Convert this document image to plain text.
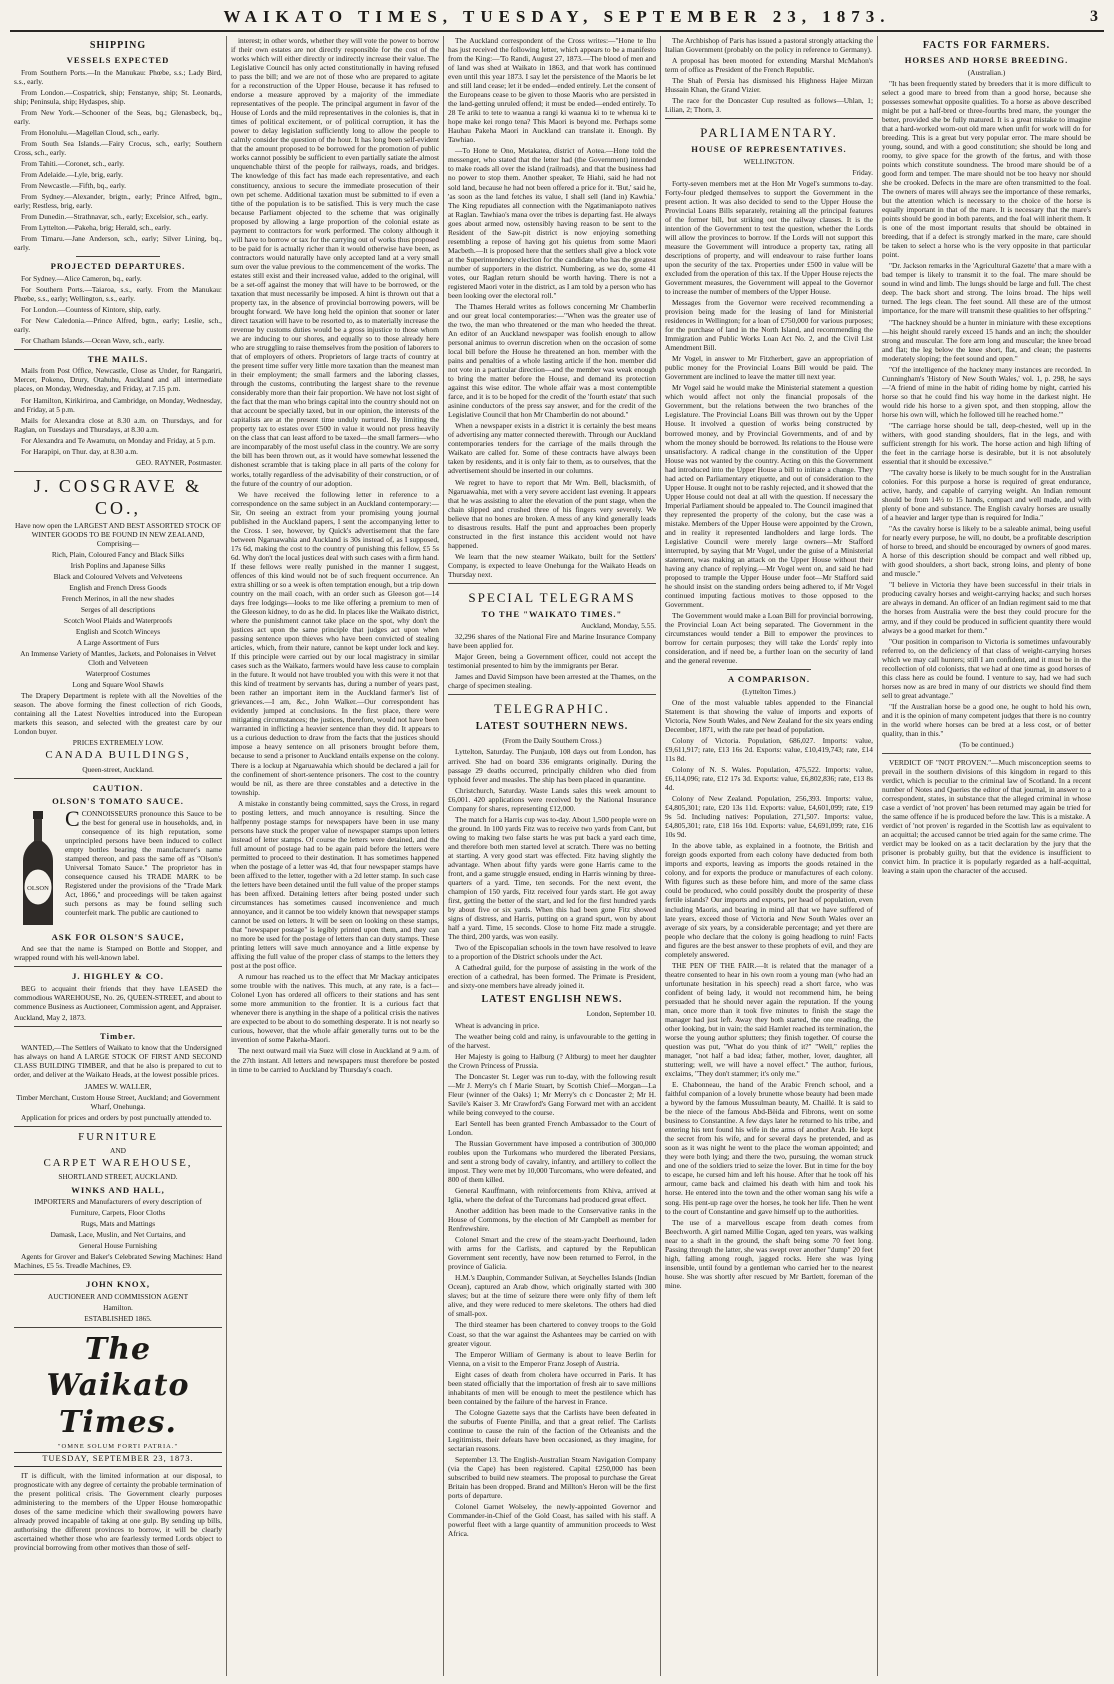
WAIKATO TIMES, TUESDAY, SEPTEMBER 23, 1873.	3
SHIPPING
VESSELS EXPECTED

From Southern Ports.—In the Manukau: Phœbe, s.s.; Lady Bird, s.s., early.

From London.—Cospatrick, ship; Fenstanye, ship; St. Leonards, ship; Peninsula, ship; Hydaspes, ship.

From New York.—Schooner of the Seas, bq.; Glenasbeck, bq., early.

From Honolulu.—Magellan Cloud, sch., early.

From South Sea Islands.—Fairy Crocus, sch., early; Southern Cross, sch., early.

From Tahiti.—Coronet, sch., early.

From Adelaide.—Lyle, brig, early.

From Newcastle.—Fifth, bq., early.

From Sydney.—Alexander, brigtn., early; Prince Alfred, bgtn., early; Restless, brig, early.

From Dunedin.—Strathnavar, sch., early; Excelsior, sch., early.

From Lyttelton.—Pakeha, brig; Herald, sch., early.

From Timaru.—Jane Anderson, sch., early; Silver Lining, bq., early.

PROJECTED DEPARTURES.

For Sydney.—Alice Cameron, bq., early.

For Southern Ports.—Taiaroa, s.s., early. From the Manukau: Phœbe, s.s., early; Wellington, s.s., early.

For London.—Countess of Kintore, ship, early.

For New Caledonia.—Prince Alfred, bgtn., early; Leslie, sch., early.

For Chatham Islands.—Ocean Wave, sch., early.

THE MAILS.

Mails from Post Office, Newcastle, Close as Under, for Rangariri, Mercer, Pokeno, Drury, Otahuhu, Auckland and all intermediate places, on Monday, Wednesday, and Friday, at 7.15 p.m.

For Hamilton, Kirikiriroa, and Cambridge, on Monday, Wednesday, and Friday, at 5 p.m.

Mails for Alexandra close at 8.30 a.m. on Thursdays, and for Raglan, on Tuesdays and Thursdays, at 8.30 a.m.

For Alexandra and Te Awamutu, on Monday and Friday, at 5 p.m.

For Harapipi, on Thur. day, at 8.30 a.m.

GEO. RAYNER, Postmaster.

J. COSGRAVE & CO.,

Have now open the LARGEST AND BEST ASSORTED STOCK OF WINTER GOODS TO BE FOUND IN NEW ZEALAND, Comprising—

Rich, Plain, Coloured Fancy and Black Silks

Irish Poplins and Japanese Silks

Black and Coloured Velvets and Velveteens

English and French Dress Goods

French Merinos, in all the new shades

Serges of all descriptions

Scotch Wool Plaids and Waterproofs

English and Scotch Winceys

A Large Assortment of Furs

An Immense Variety of Mantles, Jackets, and Polonaises in Velvet Cloth and Velveteen

Waterproof Costumes

Long and Square Wool Shawls

The Drapery Department is replete with all the Novelties of the season. The above forming the finest collection of rich Goods, containing all the Latest Novelties introduced into the European markets this season, and selected with the greatest care by our London buyer.

PRICES EXTREMELY LOW.

CANADA BUILDINGS,

Queen-street, Auckland.

CAUTION.
OLSON'S TOMATO SAUCE.
OLSON

CCONNOISSEURS pronounce this Sauce to be the best for general use in households, and, in consequence of its high reputation, some unprincipled persons have been induced to collect empty bottles bearing the manufacturer's name stamped thereon, and pass the same off as "Olson's Universal Tomato Sauce." The proprietor has in consequence caused his TRADE MARK to be Registered under the provisions of the "Trade Mark Act, 1866," and proceedings will be taken against such persons as may be found selling such counterfeit mark. The public are cautioned to

ASK FOR OLSON'S SAUCE,

And see that the name is Stamped on Bottle and Stopper, and wrapped round with his well-known label.

J. HIGHLEY & CO.

BEG to acquaint their friends that they have LEASED the commodious WAREHOUSE, No. 26, QUEEN-STREET, and about to commence Business as Auctioneer, Commission agent, and Appraiser.

Auckland, May 2, 1873.

Timber.

WANTED,—The Settlers of Waikato to know that the Undersigned has always on hand A LARGE STOCK OF FIRST AND SECOND CLASS BUILDING TIMBER, and that he also is prepared to cut to order, and deliver at the Waikato Heads, at the lowest possible prices.

JAMES W. WALLER,

Timber Merchant, Custom House Street, Auckland; and Government Wharf, Onehunga.

Application for prices and orders by post punctually attended to.

FURNITURE

AND

CARPET WAREHOUSE,

SHORTLAND STREET, AUCKLAND.

WINKS AND HALL,

IMPORTERS and Manufacturers of every description of

Furniture, Carpets, Floor Cloths

Rugs, Mats and Mattings

Damask, Lace, Muslin, and Net Curtains, and

General House Furnishing

Agents for Grover and Baker's Celebrated Sewing Machines: Hand Machines, £5 5s. Treadle Machines, £9.

JOHN KNOX,

AUCTIONEER AND COMMISSION AGENT

Hamilton.

ESTABLISHED 1865.

The Waikato Times.
"OMNE SOLUM FORTI PATRIA."
TUESDAY, SEPTEMBER 23, 1873.

IT is difficult, with the limited information at our disposal, to prognosticate with any degree of certainty the probable termination of the present political crisis. The Government clearly purposes administering to the members of the Upper House homœopathic doses of the same medicine which their swallowing powers have already proved incapable of taking at one gulp. By sending up bills, authorising the different provinces to borrow, it will be clearly ascertained whether those who are fearlessly termed Lords object to provincial borrowing from other motives than those of self-

interest; in other words, whether they will vote the power to borrow if their own estates are not directly responsible for the cost of the works which will either directly or indirectly increase their value. The Legislative Council has only acted constitutionally in having refused to pass the bill; and we are not of those who are prepared to agitate for a reconstruction of the Upper House, because it has refused to endorse a measure approved by a majority of the immediate representatives of the people. The principal argument in favor of the House of Lords and the mild representatives in the colonies is, that in times of political excitement, or of political corruption, it has the power to delay legislation sufficiently long to allow the people to calmly consider the question of the hour. It has long been self-evident that the amount proposed to be borrowed for the promotion of public works cannot possibly be sufficient to even partially satiate the almost unquenchable thirst of the people for railways, roads, and bridges. The knowledge of this fact has made each representative, and each constituency, anxious to secure the immediate prosecution of their own pet scheme. Additional taxation must be submitted to if even a tithe of the population is to be satisfied. This is very much the case because Parliament objected to the scheme that was originally proposed by allowing a large proportion of the colonial estate as payment to contractors for work performed. The colony although it will have to borrow or tax for the carrying out of works thus proposed to be paid for is actually richer than it would otherwise have been, as contractors would naturally have only accepted land at a very small sum over the value previous to the commencement of the works. The estates still exist and their increased value, added to the original, will be a set-off against the money that will have to be borrowed, or the taxation that must necessarily be imposed. A hint is thrown out that a property tax, in the absence of provincial borrowing powers, will be brought forward. We have long held the opinion that sooner or later direct taxation will have to be resorted to, as to materially increase the revenue by customs duties would be a gross injustice to those whom we are inducing to our shores, and equally so to those already here who are struggling to raise themselves from the position of laborers to that of employers of others. Proprietors of large tracts of country at the present time suffer very little more taxation than the meanest man in their employment; the small farmers and the laboring classes, through the customs, contributing the largest share to the revenue considerably more than their fair proportion. We have not lost sight of the fact that the man who brings capital into the country should not on that account be specially taxed, but in our opinion, the interests of the capitalists are at the present time unduly nurtured. By limiting the property tax to estates over £500 in value it would not press heavily on the class that can least afford to be taxed—the small farmers—who are incomparably of the most useful class in the country. We are sorry the bill has been thrown out, as it would have somewhat lessened the dishonest scramble that is taking place in all parts of the colony for works, totally regardless of the advisability of their construction, or of the future of the country of our adoption.

We have received the following letter in reference to a correspondence on the same subject in an Auckland contemporary:—Sir, On seeing an extract from your promising young journal published in the Auckland papers, I sent the accompanying letter to the Cross. I see, however, by Quick's advertisement that the fare between Ngaruawahia and Auckland is 30s instead of, as I supposed, 17s 6d, making the cost to the country of punishing this fellow, £5 5s 6d. Why don't the local justices deal with such cases with a firm hand. If these fellows were really punished in the manner I suggest, offences of this kind would not be of such frequent occurrence. An extra shilling or so a week is often temptation enough, but a trip down country on the mail coach, with an order such as Gleeson got—14 days free lodgings—looks to me like offering a premium to men of the Gleeson kidney, to do as he did. In places like the Waikato district, where the punishment cannot take place on the spot, why don't the justices act upon the same principle that judges act upon when passing sentence upon thieves who have been convicted of stealing articles, which, from their nature, cannot be kept under lock and key. If this principle were carried out by our local magistracy in similar cases such as the Waikato, farmers would have less cause to complain in the future. It would not have troubled you with this were it not that this kind of treatment by servants has, during a number of years past, been rather an important item in the Auckland farmer's list of grievances.—I am, &c., John Walker.—Our correspondent has evidently jumped at conclusions. In the first place, there were mitigating circumstances; the justices, therefore, would not have been warranted in inflicting a heavier sentence than they did. It appears to us a curious deduction to draw from the facts that the justices should impose a heavy sentence on all prisoners brought before them, because to send a prisoner to Auckland entails expense on the colony. There is a lockup at Ngaruawahia which should be declared a jail for the confinement of short-sentence prisoners. The cost to the country would be nil, as there are three constables and a detective in the township.

A mistake in constantly being committed, says the Cross, in regard to posting letters, and much annoyance is resulting. Since the halfpenny postage stamps for newspapers have been in use many persons have stuck the proper value of newspaper stamps upon letters instead of letter stamps. Of course the letters were detained, and the full amount of postage had to be again paid before the letters were permitted to proceed to their destination. It has sometimes happened when the postage of a letter was 4d, that four newspaper stamps have been affixed to the letter, together with a 2d letter stamp. In such case the letters have been detained until the full value of the proper stamps has been affixed. Detaining letters after being posted under such circumstances has sometimes caused inconvenience and much annoyance, and it cannot be too widely known that newspaper stamps cannot be used on letters. It will be seen on looking on these stamps, that "newspaper postage" is legibly printed upon them, and they can no more be used for the postage of letters than can duty stamps. These printing letters will save much annoyance and a little expense by affixing the full value of the proper class of stamps to the letters they post at the post office.

A rumour has reached us to the effect that Mr Mackay anticipates some trouble with the natives. This much, at any rate, is a fact—Colonel Lyon has ordered all officers to their stations and has sent some more ammunition to the frontier. It is a curious fact that whenever there is anything in the shape of a political crisis the natives are expected to be about to do something desperate. It is not nearly so curious, however, that the whole affair generally turns out to be the invention of some Pakeha-Maori.

The next outward mail via Suez will close in Auckland at 9 a.m. of the 27th instant. All letters and newspapers must therefore be posted in time to be carried to Auckland by Thursday's coach.

The Auckland correspondent of the Cross writes:—"Hone te Ihu has just received the following letter, which appears to be a manifesto from the King:—'To Randi, August 27, 1873.—The blood of men and of land was shed at Waikato in 1863, and that work has continued even until this year 1873. I say let the persistence of the Maoris be let and still land cease; let it be ended—ended entirely. Let the consent of the Europeans cease to be given to those Maoris who are persisted in the land-getting unruled offend; it must be ended—ended entirely. To 28 Te ariki to tete to waanua a rangi ki waanua ki to te whenua ki te hope make kei rongo tena? This Maori is beyond me. Perhaps some Hauhau Pakeha Maori in Auckland can translate it. Enough. By Tawhiao.

—To Hone te Ono, Metakatea, district of Aotea.—Hone told the messenger, who stated that the letter had (the Government) intended to make roads all over the island (railroads), and that the business had no power to stop them. Another speaker, Te Hiahi, said he had not sold land, because he had not been offered a price for it. 'But,' said he, 'as soon as the land fetches its value, I shall sell (land in) Kawhia.' The King repudiates all connection with the Ngatimaniapoto natives at Raglan. Tawhiao's mana over the tribes is departing fast. He always goes about armed now, ostensibly having reason to be sent to the Resident of the Saw-pit district is now enjoying something resembling a repose of having got his quietus from some Maori Macbeth.—It is proposed here that the settlers shall give a block vote at the Superintendency election for the candidate who has the greatest number of supporters in the district. Numbering, as we do, some 41 votes, our Raglan return should be worth having. There is not a registered Maori voter in the district, as I am told by a person who has been looking over the electoral roll."

The Thames Herald writes as follows concerning Mr Chamberlin and our great local contemporaries:—"When was the greater use of the two, the man who threatened or the man who heeded the threat. An editor of an Auckland newspaper was foolish enough to allow personal animus to overrun discretion when on the occasion of some local bill before the House he threatened an hon. member with the pains and penalties of a whole lasting article if the hon. member did not vote in a particular direction—and the member was weak enough to bring the matter before the House, and demand its protection against this wise editor. The whole affair was a most contemptible farce, and it is to be hoped for the credit of the 'fourth estate' that such asinine conductors of the press say answer, and for the credit of the Legislative Council that hon Mr Chamberlin do not abound."

When a newspaper exists in a district it is certainly the best means of advertising any matter connected therewith. Through our Auckland contemporaries tenders for the carriage of the mails through the Waikato are called for. Some of these contracts have always been taken by residents, and it is only fair to them, as to ourselves, that the advertisement should be inserted in our columns.

We regret to have to report that Mr Wm. Bell, blacksmith, of Ngaruawahia, met with a very severe accident last evening. It appears that he was assisting to alter the elevation of the punt stage, when the chain slipped and crushed three of his fingers very severely. We believe that no bones are broken. A mess of any kind generally leads to disastrous results. Half the punt and approaches been properly constructed in the first instance this accident would not have happened.

We learn that the new steamer Waikato, built for the Settlers' Company, is expected to leave Onehunga for the Waikato Heads on Thursday next.

SPECIAL TELEGRAMS
TO THE "WAIKATO TIMES."

Auckland, Monday, 5.55.

32,296 shares of the National Fire and Marine Insurance Company have been applied for.

Major Green, being a Government officer, could not accept the testimonial presented to him by the immigrants per Berar.

James and David Simpson have been arrested at the Thames, on the charge of specimen stealing.

TELEGRAPHIC.
LATEST SOUTHERN NEWS.

(From the Daily Southern Cross.)

Lyttelton, Saturday. The Punjaub, 108 days out from London, has arrived. She had on board 336 emigrants originally. During the passage 29 deaths occurred, principally children who died from typhoid fever and measles. The ship has been placed in quarantine.

Christchurch, Saturday. Waste Lands sales this week amount to £6,001. 420 applications were received by the National Insurance Company for shares, representing £12,000.

The match for a Harris cup was to-day. About 1,500 people were on the ground. In 100 yards Fitz was to receive two yards from Cant, but owing to making two false starts he was put back a yard each time, and therefore both men started level at scratch. There was no betting at starting. A very good start was effected. Fitz having slightly the advantage. When about fifty yards were gone Harris came to the front, and a game struggle ensued, ending in Harris winning by three-quarters of a yard. Time, ten seconds. For the next event, the champion of 150 yards, Fitz received four yards start. He got away first, getting the better of the start, and led for the first hundred yards by about five or six yards. When this had been gone Fitz showed signs of distress, and Harris, putting on a grand spurt, won by about half a yard. Time, 15 seconds. Close to home Fitz made a struggle. The third, 200 yards, was won easily.

Two of the Episcopalian schools in the town have resolved to leave to a proportion of the District schools under the Act.

A Cathedral guild, for the purpose of assisting in the work of the erection of a cathedral, has been formed. The Primate is President, and sixty-one members have already joined it.

LATEST ENGLISH NEWS.

London, September 10.

Wheat is advancing in price.

The weather being cold and rainy, is unfavourable to the getting in of the harvest.

Her Majesty is going to Halburg (? Altburg) to meet her daughter the Crown Princess of Prussia.

The Doncaster St. Leger was run to-day, with the following result—Mr J. Merry's ch f Marie Stuart, by Scottish Chief—Morgan—La Fleur (winner of the Oaks) 1; Mr Merry's ch c Doncaster 2; Mr H. Savile's Kaiser 3. Mr Crawford's Gang Forward met with an accident while being conveyed to the course.

Earl Sentell has been granted French Ambassador to the Court of London.

The Russian Government have imposed a contribution of 300,000 roubles upon the Turkomans who murdered the liberated Persians, and sent a strong body of cavalry, infantry, and artillery to collect the impost. They were met by 10,000 Turcomans, who were defeated, and 800 of them killed.

General Kauffmann, with reinforcements from Khiva, arrived at Iglia, where the defeat of the Turcomans had produced great effect.

Another addition has been made to the Conservative ranks in the House of Commons, by the election of Mr Campbell as member for Renfrewshire.

Colonel Smart and the crew of the steam-yacht Deerhound, laden with arms for the Carlists, and captured by the Republican Government sent recently, have now been returned to Ferrol, in the province of Galicia.

H.M.'s Dauphin, Commander Sulivan, at Seychelles Islands (Indian Ocean), captured an Arab dhow, which originally started with 300 slaves; but at the time of seizure there were only fifty of them left alive, and they were reduced to mere skeletons. The others had died of small-pox.

The third steamer has been chartered to convey troops to the Gold Coast, so that the war against the Ashantees may be carried on with greater vigour.

The Emperor William of Germany is about to leave Berlin for Vienna, on a visit to the Emperor Franz Joseph of Austria.

Eight cases of death from cholera have occurred in Paris. It has been stated officially that the importation of fresh air to save millions inhabitants of men will be enough to meet the pestilence which has been contained by the failure of the harvest in France.

The Cologne Gazette says that the Carlists have been defeated in the suburbs of Fuente Pinilla, and that a great relief. The Carlists continue to cause the ruin of the faction of the Orleanists and the Legitimists, their defeats have been occasioned, as they imagine, for sectarian reasons.

September 13. The English-Australian Steam Navigation Company (via the Cape) has been registered. Capital £250,000 has been subscribed to build new steamers. The proposal to purchase the Great Britain has been dropped. Brand and Millton's Heron will be the first ports of departure.

Colonel Garnet Wolseley, the newly-appointed Governor and Commander-in-Chief of the Gold Coast, has sailed with his staff. A powerful fleet with a large quantity of ammunition proceeds to West Africa.

The Archbishop of Paris has issued a pastoral strongly attacking the Italian Government (probably on the policy in reference to Germany).

A proposal has been mooted for extending Marshal McMahon's term of office as President of the French Republic.

The Shah of Persia has dismissed his Highness Hajee Mirzan Hussain Khan, the Grand Vizier.

The race for the Doncaster Cup resulted as follows—Uhlan, 1; Lilian, 2; Thorn, 3.

PARLIAMENTARY.
HOUSE OF REPRESENTATIVES.

WELLINGTON.

Friday.

Forty-seven members met at the Hon Mr Vogel's summons to-day. Forty-four pledged themselves to support the Government in the present action. It was also decided to send to the Upper House the Provincial Loans Bills separately, retaining all the principal features of the former bill, but striking out the railway clauses. It is the intention of the Government to test the question, whether the Lords will allow the provinces to borrow. If the Lords will not support this measure the Government will introduce a property tax, rating all descriptions of property, and will endeavour to raise further loans upon the security of the tax. Properties under £500 in value will be excluded from the operation of this tax. If the Upper House rejects the Government measures, the Government will appeal to the Governor to increase the number of members of the Upper House.

Messages from the Governor were received recommending a provision being made for the leasing of land for Ministerial residences in Wellington; for a loan of £750,000 for various purposes; for the purchase of land in the North Island, and recommending the Immigration and Public Works Loan Act No. 2, and the Civil List Amendment Bill.

Mr Vogel, in answer to Mr Fitzherbert, gave an appropriation of public money for the Provincial Loans Bill would be paid. The Government are inclined to leave the matter till next year.

Mr Vogel said he would make the Ministerial statement a question which would affect not only the financial proposals of the Government, but the relations between the two branches of the Legislature. The Provincial Loans Bill was thrown out by the Upper House. It involved a question of works being constructed by borrowed money, and by Provincial Governments, and of and by whom the money should be borrowed. Its relations to the House were unsatisfactory. A radical change in the constitution of the Upper House was not wanted by the country. Acting on this the Government had introduced into the Upper House a bill to initiate a change. They had acted on Parliamentary etiquette, and out of consideration to the Upper House. It ought not to be rashly rejected, and it showed that the Upper House could not deal at all with the question. If necessary the Imperial Parliament should be appealed to. The Council imagined that they represented the property of the colony, but the case was a mistake. Members of the Upper House were appointed by the Crown, and in reality it represented landholders and large lords. The Legislative Council were merely large owners—Mr Stafford interrupted, by saying that Mr Vogel, under the guise of a Ministerial statement, was making an attack on the Upper House without their having any chance of replying.—Mr Vogel went on, and said he had proposed to trample the Upper House under foot—Mr Stafford said he should insist on the standing orders being adhered to, if Mr Vogel continued imputing factious motives to those opposed to the Government.

The Government would make a Loan Bill for provincial borrowing, the Provincial Loan Act being separated. The Government in the circumstances would tender a Bill to empower the provinces to borrow for certain purposes; they will take the Lords' reply into consideration, and if need be, a further loan on the security of land and the general revenue.

A COMPARISON.

(Lyttelton Times.)

One of the most valuable tables appended to the Financial Statement is that showing the value of imports and exports of Victoria, New South Wales, and New Zealand for the six years ending December, 1871, with the rate per head of population.

Colony of Victoria. Population, 686,027. Imports: value, £9,611,917; rate, £13 16s 2d. Exports: value, £10,419,743; rate, £14 11s 8d.

Colony of N. S. Wales. Population, 475,522. Imports: value, £6,114,096; rate, £12 17s 3d. Exports: value, £6,802,836; rate, £13 8s 4d.

Colony of New Zealand. Population, 256,393. Imports: value, £4,805,301; rate, £20 13s 11d. Exports: value, £4,601,099; rate, £19 9s 5d. Including natives: Population, 271,507. Imports: value, £4,805,301; rate, £18 16s 10d. Exports: value, £4,691,099; rate, £16 10s 9d.

In the above table, as explained in a footnote, the British and foreign goods exported from each colony have deducted from both imports and exports, leaving as imports the goods retained in the colony, and for exports the produce or manufactures of each colony. With figures such as these before him, and more of the same class could be produced, who could possibly doubt the prosperity of these fertile islands? Our imports and exports, per head of population, even including Maoris, and bearing in mind all that we have suffered of late years, exceed those of Victoria and New South Wales over an average of six years, by a considerable percentage; and yet there are people who declare that the colony is going headlong to ruin! Facts and figures are the best answer to these prophets of evil, and they are completely answered.

THE PEN OF THE FAIR.—It is related that the manager of a theatre consented to hear in his own room a young man (who had an unfortunate hesitation in his speech) read a short farce, who was confident of being lady, it would not recommend him, he being persuaded that he should never again the reputation. If the young man, once more than it took five minutes to finish the stage the manager had just left. Away they both started, the one reading, the other looking, but in vain; the said Hamlet reached its termination, the worse the young author splutters; they finish together. Of course the question was put, "What do you think of it?" "Well," replies the manager, "not half a bad idea; father, mother, lover, daughter, all stuttering; well, we will have a novel effect." The author, furious, exclaims, "They don't stammer; it's only me."

E. Chabonneau, the hand of the Arabic French school, and a faithful companion of a lovely brunette whose beauty had been made a byword by the famous Mussulman beauty, M. Chaillé. It is said to be the niece of the famous Abd-Bèida and Fibrons, went on some business to Constantine. A few days later he returned to his tribe, and entering his tent found his wife in the arms of another Arab. He kept the secret from his wife, and for several days he pretended, and as soon as it was night he went to the place the woman appointed; and they were both lying; and there the two, pursuing, the woman struck and one of the soldiers tried to seize the lover. But in time for the boy to escape, he cursed him and left his house. After that he took off his armour, came back and claimed his death with him and took his horse. He entered into the town and the other woman sang his wife a song. His pent-up rage over the horses, he took her life. Then he went to the court of Constantine and gave himself up to the authorities.

The use of a marvellous escape from death comes from Beechworth. A girl named Millie Cogan, aged ten years, was walking near to a shaft in the ground, the shaft being some 70 feet long. Passing through the latter, she was swept over another "dump" 20 feet high, falling among rough, jagged rocks. Here she was lying insensible, until found by a gentleman who carried her to the nearest house. She was shortly after rescued by Mr Bartlett, foreman of the mine.

FACTS FOR FARMERS.
HORSES AND HORSE BREEDING.

(Australian.)

"It has been frequently stated by breeders that it is more difficult to select a good mare to breed from than a good horse, because she possesses somewhat opposite qualities. To a horse as above described might be put a half-bred or three-fourths bred mare, the younger the better, provided she be fully matured. It is a great mistake to imagine that a hard-worked worn-out old mare when unfit for work will do for breeding. This is a great but very popular error. The mare should be young, sound, and with a good constitution; she should be long and roomy, to give space for the growth of the fœtus, and with those points which constitute soundness. The brood mare should be of a good form and temper. The mare should not be too heavy nor should she be crooked. Defects in the mare are often transmitted to the foal. The owners of mares will always see the importance of these remarks, but the attention which is necessary to the choice of the horse is equally important in that of the mare. It is necessary that the mare's points should be good in both parents, and the foal will inherit them. It is one of the most important results that should be obtained in breeding, that if a defect is strongly marked in the mare, care should be taken to select a horse who is the very opposite in that particular point.

"Dr. Jackson remarks in the 'Agricultural Gazette' that a mare with a bad temper is likely to transmit it to the foal. The mare should be sound in wind and limb. The lungs should be large and full. The chest deep. The back short and strong. The loins broad. The hips well turned. The legs clean. The feet sound. All these are of the utmost importance, for the mare will transmit these qualities to her offspring."

"The hackney should be a hunter in miniature with these exceptions—his height should rarely exceed 15 hands and an inch; the shoulder strong and muscular. The fore arm long and muscular; the knee broad and flat; the leg below the knee short, flat, and clean; the pasterns moderately sloping; the feet sound and open."

"Of the intelligence of the hackney many instances are recorded. In Cunningham's 'History of New South Wales,' vol. 1, p. 298, he says—'A friend of mine in the habit of riding home by night, carried his horse so that he could find his way home in the darkest night. He would ride his horse to a given spot, and then stopping, allow the horse his own will, which he followed till he reached home.'"

"The carriage horse should be tall, deep-chested, well up in the withers, with good standing shoulders, flat in the legs, and with sufficient strength for his work. The horse action and high lifting of the feet in the carriage horse is desirable, but it is not absolutely essential that it should be excessive."

"The cavalry horse is likely to be much sought for in the Australian colonies. For this purpose a horse is required of great endurance, active, hardy, and capable of carrying weight. An Indian remount should be from 14½ to 15 hands, compact and well made, and with plenty of bone and substance. The English cavalry horses are usually of a heavier and larger type than is required for India."

"As the cavalry horse is likely to be a saleable animal, being useful for nearly every purpose, he will, no doubt, be a profitable description of horse to breed, and should be encouraged by owners of good mares. A horse of this description should be compact and well ribbed up, with good shoulders, a short back, strong loins, and plenty of bone and muscle."

"I believe in Victoria they have been successful in their trials in producing cavalry horses and weight-carrying hacks; and such horses are always in demand. An officer of an Indian regiment said to me that the horses from Australia were the best they could procure for the army, and if they could be produced in sufficient quantity there would always be a good market for them."

"Our position in comparison to Victoria is sometimes unfavourably referred to, on the deficiency of that class of weight-carrying horses which we may call hunters; still I am confident, and it must be in the recollection of old colonists, that we had at one time as good horses of this class here as could be found. I venture to say, had we had such horses now as are bred in many of our districts we should find them sell to great advantage."

"If the Australian horse be a good one, he ought to hold his own, and it is the opinion of many competent judges that there is no country in the world where horses can be bred at a less cost, or of better quality, than in this."

(To be continued.)

VERDICT OF "NOT PROVEN."—Much misconception seems to prevail in the southern divisions of this kingdom in regard to this verdict, which is peculiar to the criminal law of Scotland. In a recent number of Notes and Queries the editor of that journal, in answer to a correspondent, states, in substance that the alleged criminal in whose case a verdict of 'not proven' has been returned may again be tried for the same offence if he is produced before the law. This is a mistake. A verdict of 'not proven' is regarded in the Scottish law as equivalent to an acquittal; the accused cannot be tried again for the same crime. The verdict may be looked on as a tacit declaration by the jury that the prisoner is probably guilty, but that the evidence is insufficient to convict him. In practice it is popularly regarded as a half-acquittal, leaving a stain upon the character of the accused.
